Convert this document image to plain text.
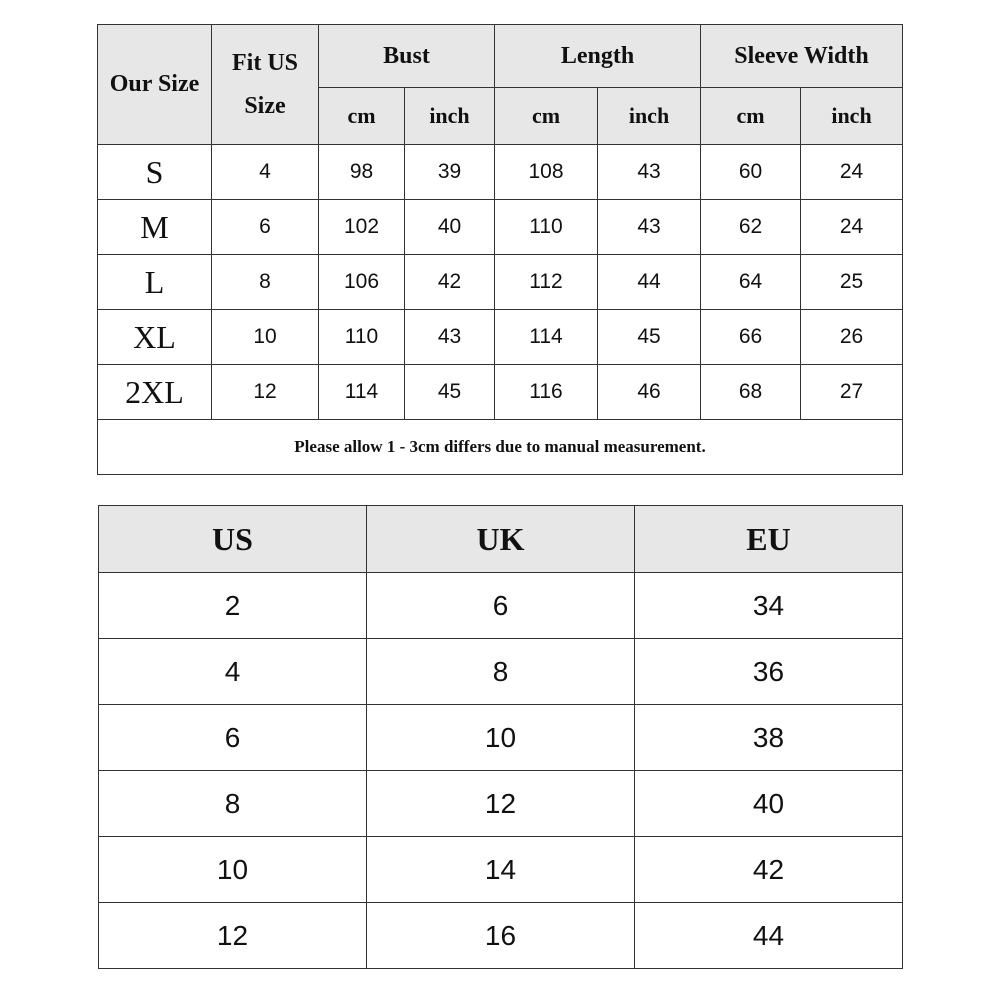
Our Size	Fit US Size	Bust		Length		Sleeve Width	
		cm	inch	cm	inch	cm	inch
S	4	98	39	108	43	60	24
M	6	102	40	110	43	62	24
L	8	106	42	112	44	64	25
XL	10	110	43	114	45	66	26
2XL	12	114	45	116	46	68	27
Please allow 1 - 3cm differs due to manual measurement.							
US	UK	EU
2	6	34
4	8	36
6	10	38
8	12	40
10	14	42
12	16	44
